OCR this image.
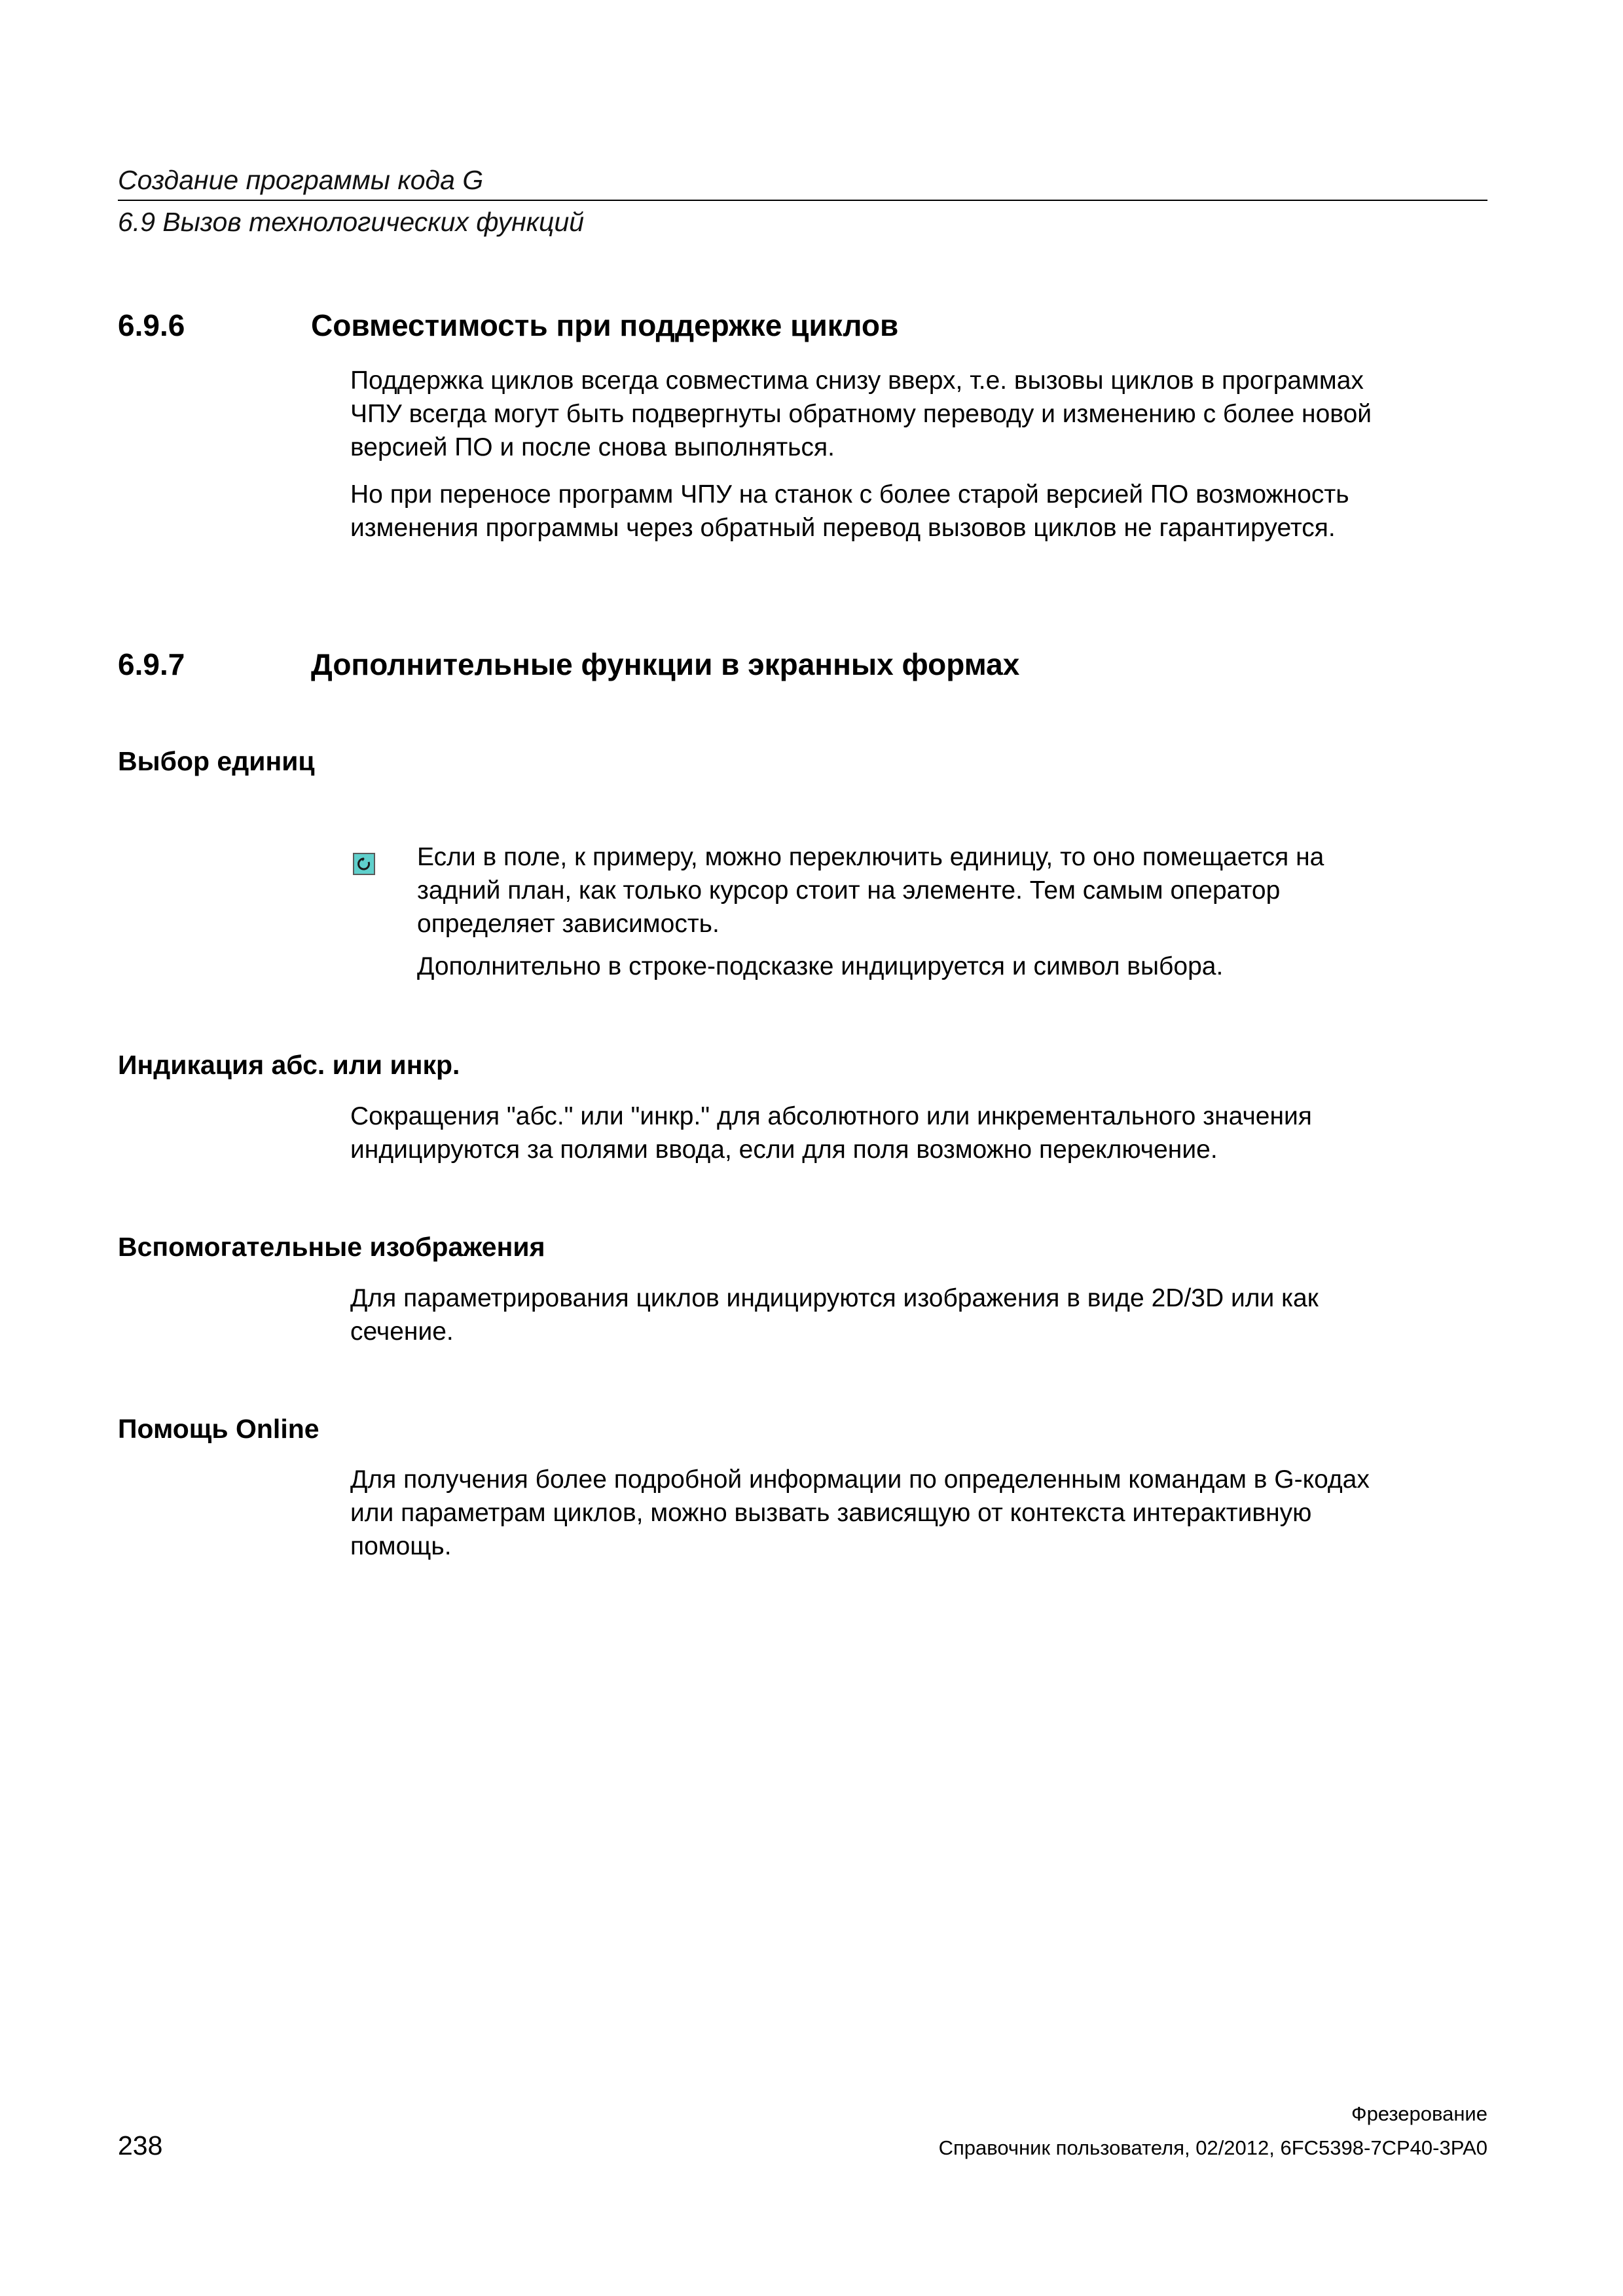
Создание программы кода G
6.9 Вызов технологических функций
6.9.6	Совместимость при поддержке циклов
Поддержка циклов всегда совместима снизу вверх, т.е. вызовы циклов в программах
ЧПУ всегда могут быть подвергнуты обратному переводу и изменению с более новой
версией ПО и после снова выполняться.
Но при переносе программ ЧПУ на станок с более старой версией ПО возможность
изменения программы через обратный перевод вызовов циклов не гарантируется.
6.9.7	Дополнительные функции в экранных формах
Выбор единиц
Если в поле, к примеру, можно переключить единицу, то оно помещается на
задний план, как только курсор стоит на элементе. Тем самым оператор
определяет зависимость.
Дополнительно в строке-подсказке индицируется и символ выбора.
Индикация абс. или инкр.
Сокращения "абс." или "инкр." для абсолютного или инкрементального значения
индицируются за полями ввода, если для поля возможно переключение.
Вспомогательные изображения
Для параметрирования циклов индицируются изображения в виде 2D/3D или как
сечение.
Помощь Online
Для получения более подробной информации по определенным командам в G-кодах
или параметрам циклов, можно вызвать зависящую от контекста интерактивную
помощь.
Фрезерование
238	Справочник пользователя, 02/2012, 6FC5398-7CP40-3PA0
